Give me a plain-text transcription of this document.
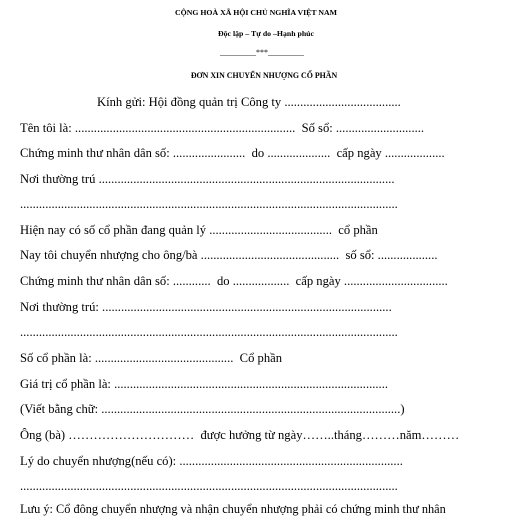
CỘNG HOÀ XÃ HỘI CHỦ NGHĨA VIỆT NAM
Độc lập – Tự do –Hạnh phúc
_________***_________
ĐƠN XIN CHUYỂN NHƯỢNG CỔ PHẦN
Kính gửi: Hội đồng quản trị Công ty .....................................
Tên tôi là: ......................................................................  Số sổ: ............................
Chứng minh thư nhân dân số: .......................  do ....................  cấp ngày ...................
Nơi thường trú ..............................................................................................
........................................................................................................................
Hiện nay có số cổ phần đang quản lý .......................................  cổ phần
Nay tôi chuyển nhượng cho ông/bà ............................................  số sổ: ...................
Chứng minh thư nhân dân số: ............  do ..................  cấp ngày .................................
Nơi thường trú: ............................................................................................
........................................................................................................................
Số cổ phần là: ............................................  Cổ phần
Giá trị cổ phần là: .......................................................................................
(Viết bằng chữ: ...............................................................................................)
Ông (bà) …………………………  được hưởng từ ngày……..tháng………năm………
Lý do chuyển nhượng(nếu có): .......................................................................
........................................................................................................................
Lưu ý: Cổ đông chuyển nhượng và nhận chuyển nhượng phải có chứng minh thư nhân
